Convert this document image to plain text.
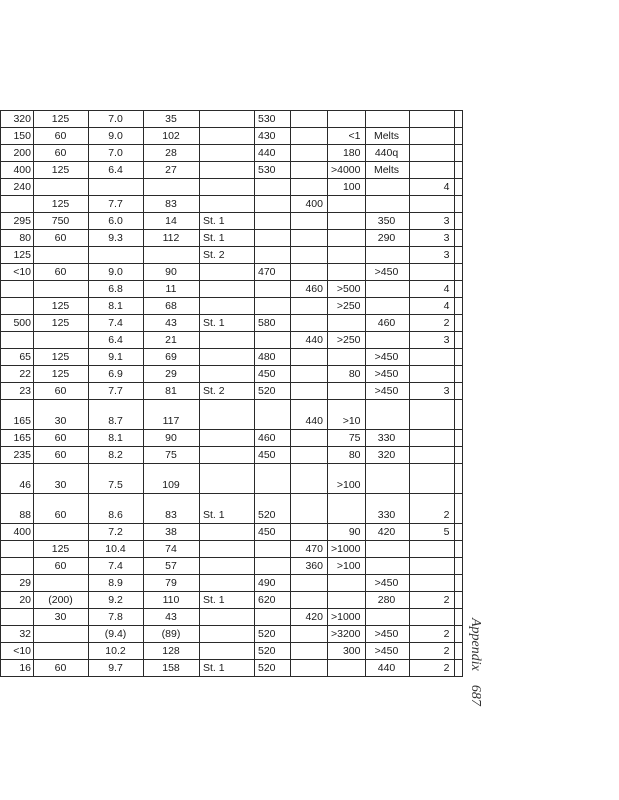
320	125	7.0	35		530					
150	60	9.0	102		430		<1	Melts		
200	60	7.0	28		440		180	440q		
400	125	6.4	27		530		>4000	Melts		
240							100		4	
	125	7.7	83			400				
295	750	6.0	14	St. 1				350	3	
80	60	9.3	112	St. 1				290	3	
125				St. 2					3	
<10	60	9.0	90		470			>450		
		6.8	11			460	>500		4	
	125	8.1	68				>250		4	
500	125	7.4	43	St. 1	580			460	2	
		6.4	21			440	>250		3	
65	125	9.1	69		480			>450		
22	125	6.9	29		450		80	>450		
23	60	7.7	81	St. 2	520			>450	3	
165	30	8.7	117			440	>10			
165	60	8.1	90		460		75	330		
235	60	8.2	75		450		80	320		
46	30	7.5	109				>100			
88	60	8.6	83	St. 1	520			330	2	
400		7.2	38		450		90	420	5	
	125	10.4	74			470	>1000			
	60	7.4	57			360	>100			
29		8.9	79		490			>450		
20	(200)	9.2	110	St. 1	620			280	2	
	30	7.8	43			420	>1000			
32		(9.4)	(89)		520		>3200	>450	2	
<10		10.2	128		520		300	>450	2	
16	60	9.7	158	St. 1	520			440	2	Appendix687
